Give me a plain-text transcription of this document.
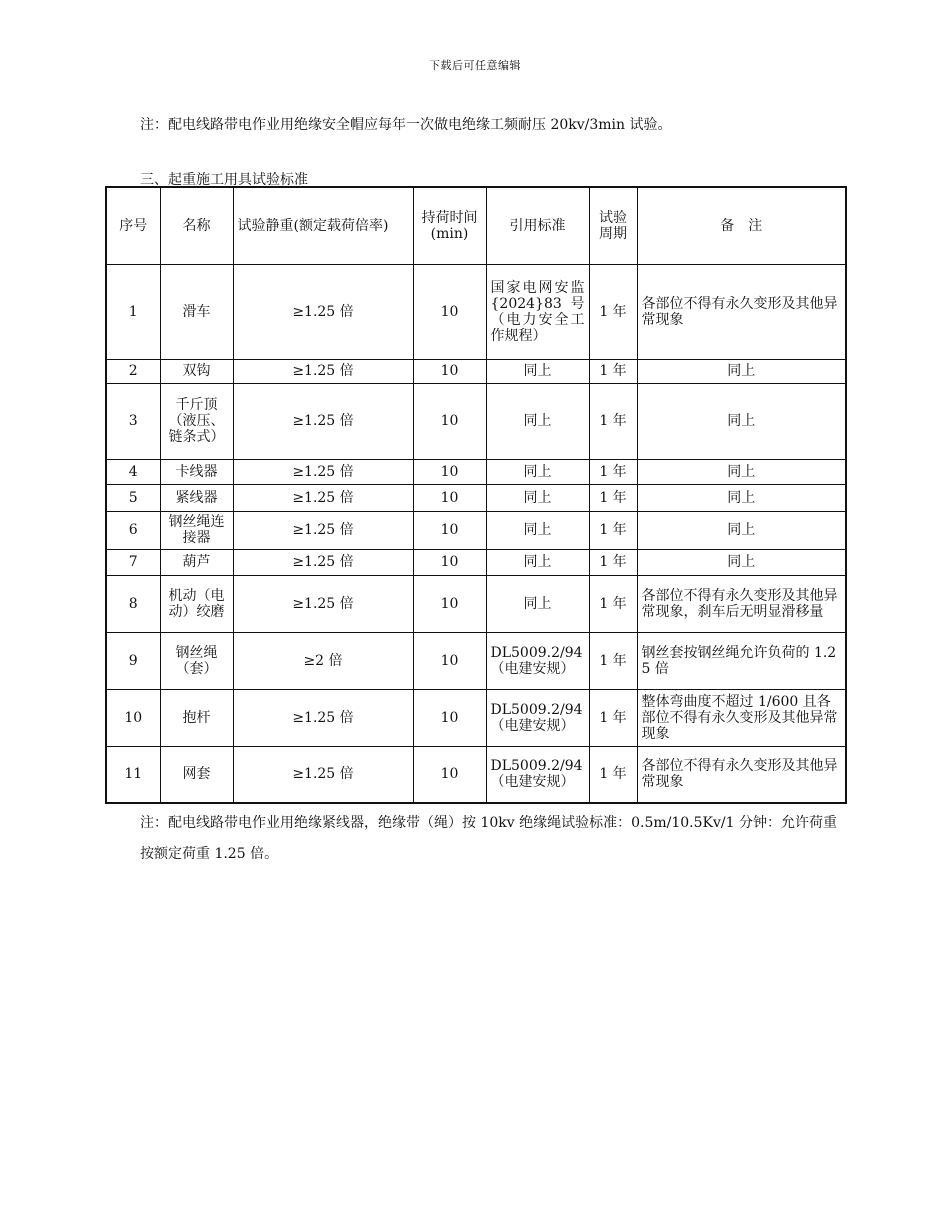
下载后可任意编辑
注：配电线路带电作业用绝缘安全帽应每年一次做电绝缘工频耐压 20kv/3min 试验。
三、起重施工用具试验标准
序号	名称	试验静重(额定载荷倍率)	持荷时间 (min)	引用标准	试验周期	备　注
1	滑车	≥1.25 倍	10	国家电网安监{2024}83 号（电力安全工作规程）	1 年	各部位不得有永久变形及其他异常现象
2	双钩	≥1.25 倍	10	同上	1 年	同上
3	千斤顶（液压、链条式）	≥1.25 倍	10	同上	1 年	同上
4	卡线器	≥1.25 倍	10	同上	1 年	同上
5	紧线器	≥1.25 倍	10	同上	1 年	同上
6	钢丝绳连接器	≥1.25 倍	10	同上	1 年	同上
7	葫芦	≥1.25 倍	10	同上	1 年	同上
8	机动（电动）绞磨	≥1.25 倍	10	同上	1 年	各部位不得有永久变形及其他异常现象，刹车后无明显滑移量
9	钢丝绳（套）	≥2 倍	10	DL5009.2/94（电建安规）	1 年	钢丝套按钢丝绳允许负荷的 1.25 倍
10	抱杆	≥1.25 倍	10	DL5009.2/94（电建安规）	1 年	整体弯曲度不超过 1/600 且各部位不得有永久变形及其他异常现象
11	网套	≥1.25 倍	10	DL5009.2/94（电建安规）	1 年	各部位不得有永久变形及其他异常现象
注：配电线路带电作业用绝缘紧线器，绝缘带（绳）按 10kv 绝缘绳试验标准：0.5m/10.5Kv/1 分钟：允许荷重按额定荷重 1.25 倍。
